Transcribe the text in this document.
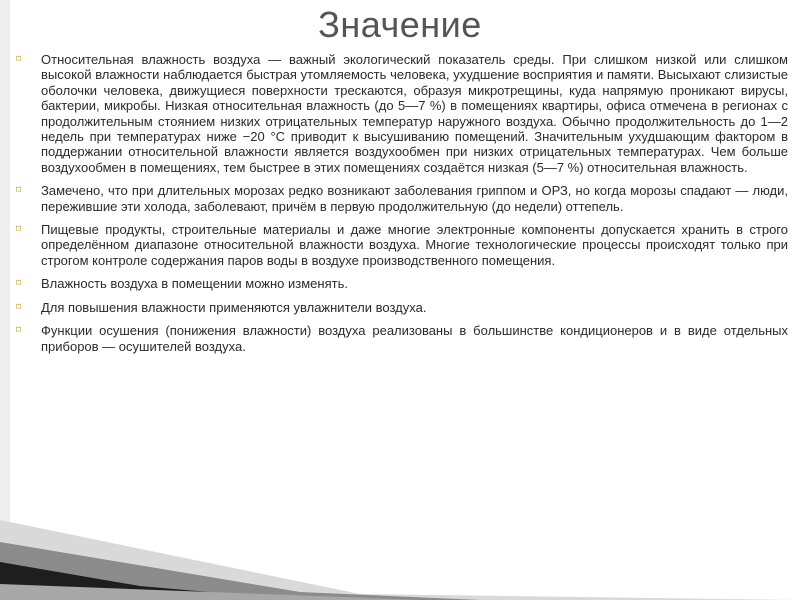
Значение
⌑ Относительная влажность воздуха — важный экологический показатель среды. При слишком низкой или слишком высокой влажности наблюдается быстрая утомляемость человека, ухудшение восприятия и памяти. Высыхают слизистые оболочки человека, движущиеся поверхности трескаются, образуя микротрещины, куда напрямую проникают вирусы, бактерии, микробы. Низкая относительная влажность (до 5—7 %) в помещениях квартиры, офиса отмечена в регионах с продолжительным стоянием низких отрицательных температур наружного воздуха. Обычно продолжительность до 1—2 недель при температурах ниже −20 °C приводит к высушиванию помещений. Значительным ухудшающим фактором в поддержании относительной влажности является воздухообмен при низких отрицательных температурах. Чем больше воздухообмен в помещениях, тем быстрее в этих помещениях создаётся низкая (5—7 %) относительная влажность.
⌑ Замечено, что при длительных морозах редко возникают заболевания гриппом и ОРЗ, но когда морозы спадают — люди, пережившие эти холода, заболевают, причём в первую продолжительную (до недели) оттепель.
⌑ Пищевые продукты, строительные материалы и даже многие электронные компоненты допускается хранить в строго определённом диапазоне относительной влажности воздуха. Многие технологические процессы происходят только при строгом контроле содержания паров воды в воздухе производственного помещения.
⌑ Влажность воздуха в помещении можно изменять.
⌑ Для повышения влажности применяются увлажнители воздуха.
⌑ Функции осушения (понижения влажности) воздуха реализованы в большинстве кондиционеров и в виде отдельных приборов — осушителей воздуха.
